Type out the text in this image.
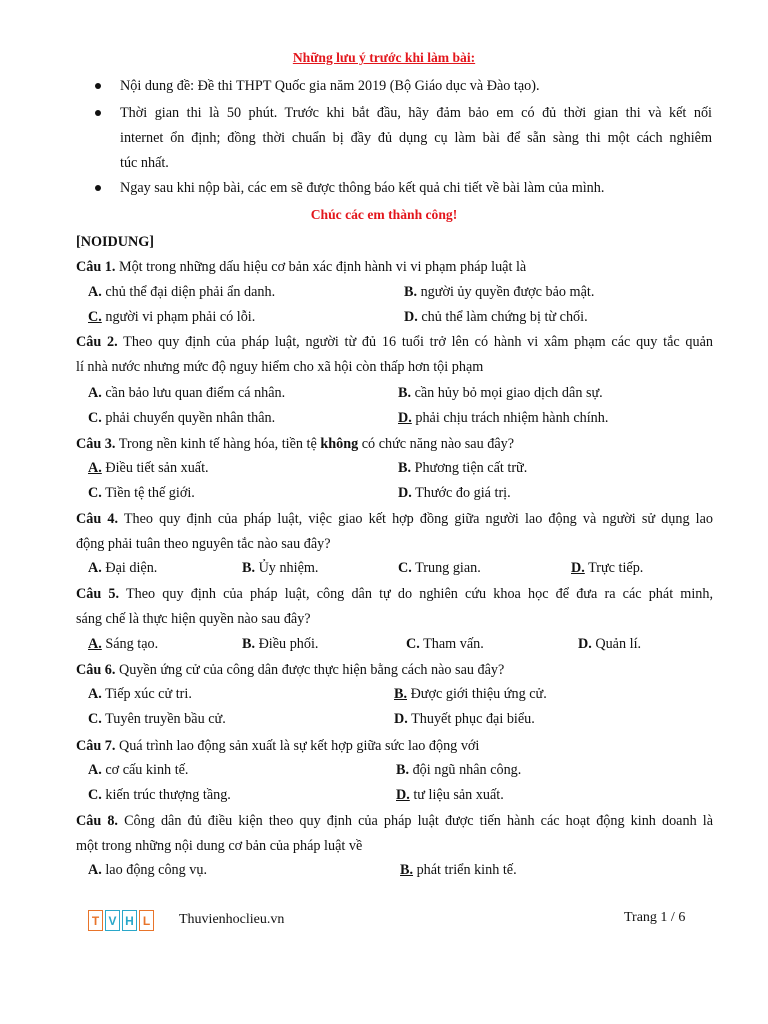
Những lưu ý trước khi làm bài:
Nội dung đề: Đề thi THPT Quốc gia năm 2019 (Bộ Giáo dục và Đào tạo).
Thời gian thi là 50 phút. Trước khi bắt đầu, hãy đảm bảo em có đủ thời gian thi và kết nối
internet ổn định; đồng thời chuẩn bị đầy đủ dụng cụ làm bài để sẵn sàng thi một cách nghiêm
túc nhất.
Ngay sau khi nộp bài, các em sẽ được thông báo kết quả chi tiết về bài làm của mình.
Chúc các em thành công!
[NOIDUNG]
Câu 1. Một trong những dấu hiệu cơ bản xác định hành vi vi phạm pháp luật là
A. chủ thể đại diện phải ẩn danh.	B. người ủy quyền được bảo mật.
C. người vi phạm phải có lỗi.	D. chủ thể làm chứng bị từ chối.
Câu 2. Theo quy định của pháp luật, người từ đủ 16 tuổi trở lên có hành vi xâm phạm các quy tắc quản
lí nhà nước nhưng mức độ nguy hiểm cho xã hội còn thấp hơn tội phạm
A. cần bảo lưu quan điểm cá nhân.	B. cần hủy bỏ mọi giao dịch dân sự.
C. phải chuyển quyền nhân thân.	D. phải chịu trách nhiệm hành chính.
Câu 3. Trong nền kinh tế hàng hóa, tiền tệ không có chức năng nào sau đây?
A. Điều tiết sản xuất.	B. Phương tiện cất trữ.
C. Tiền tệ thế giới.	D. Thước đo giá trị.
Câu 4. Theo quy định của pháp luật, việc giao kết hợp đồng giữa người lao động và người sử dụng lao
động phải tuân theo nguyên tắc nào sau đây?
A. Đại diện.	B. Ủy nhiệm.	C. Trung gian.	D. Trực tiếp.
Câu 5. Theo quy định của pháp luật, công dân tự do nghiên cứu khoa học để đưa ra các phát minh,
sáng chế là thực hiện quyền nào sau đây?
A. Sáng tạo.	B. Điều phối.	C. Tham vấn.	D. Quản lí.
Câu 6. Quyền ứng cử của công dân được thực hiện bằng cách nào sau đây?
A. Tiếp xúc cử tri.	B. Được giới thiệu ứng cử.
C. Tuyên truyền bầu cử.	D. Thuyết phục đại biểu.
Câu 7. Quá trình lao động sản xuất là sự kết hợp giữa sức lao động với
A. cơ cấu kinh tế.	B. đội ngũ nhân công.
C. kiến trúc thượng tầng.	D. tư liệu sản xuất.
Câu 8. Công dân đủ điều kiện theo quy định của pháp luật được tiến hành các hoạt động kinh doanh là
một trong những nội dung cơ bản của pháp luật về
A. lao động công vụ.	B. phát triển kinh tế.
T V H L Thuvienhoclieu.vn	Trang 1 / 6
